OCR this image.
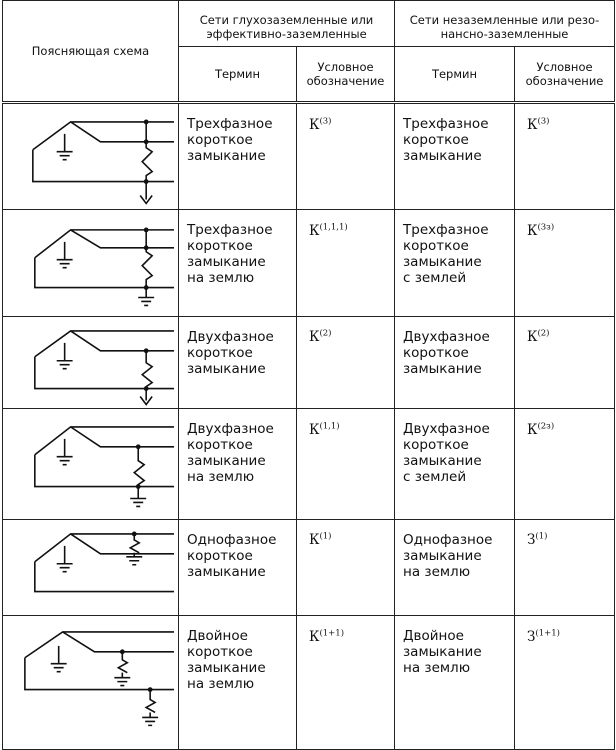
Поясняющая схема	Сети глухозаземленные или эффективно-заземленные		Сети незаземленные или резо-нансно-заземленные	
	Термин	Условное обозначение	Термин	Условное обозначение

	Трехфазное
короткое
замыкание	$К^{(3)}$	Трехфазное
короткое
замыкание	$К^{(3)}$

	Трехфазное
короткое
замыкание
на землю	К$^{(1,1,1)}$	Трехфазное
короткое
замыкание
с землей	$К^{(3з)}$

	Двухфазное
короткое
замыкание	$К^{(2)}$	Двухфазное
короткое
замыкание	$К^{(2)}$

	Двухфазное
короткое
замыкание
на землю	К$^{(1,1)}$	Двухфазное
короткое
замыкание
с землей	$К^{(2з)}$

	Однофазное
короткое
замыкание	$К^{(1)}$	Однофазное
замыкание
на землю	$З^{(1)}$

	Двойное
короткое
замыкание
на землю	$К^{(1+1)}$	Двойное
замыкание
на землю	$З^{(1+1)}$
